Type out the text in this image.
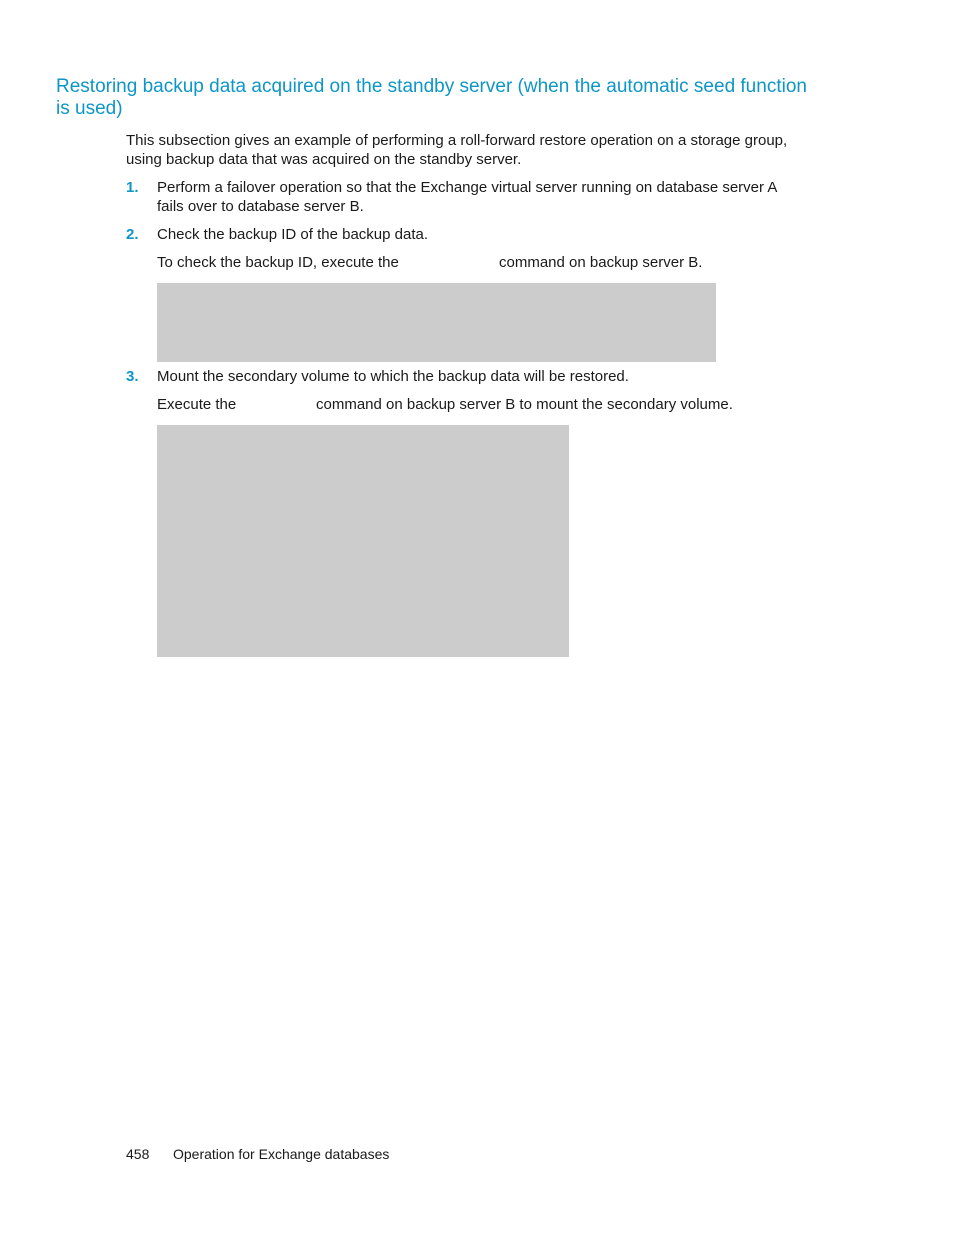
Restoring backup data acquired on the standby server (when the automatic seed function is used)

This subsection gives an example of performing a roll-forward restore operation on a storage group, using backup data that was acquired on the standby server.

1. Perform a failover operation so that the Exchange virtual server running on database server A fails over to database server B.

2. Check the backup ID of the backup data.

To check the backup ID, execute the	command on backup server B.
3. Mount the secondary volume to which the backup data will be restored.

Execute the	command on backup server B to mount the secondary volume.
458 Operation for Exchange databases
